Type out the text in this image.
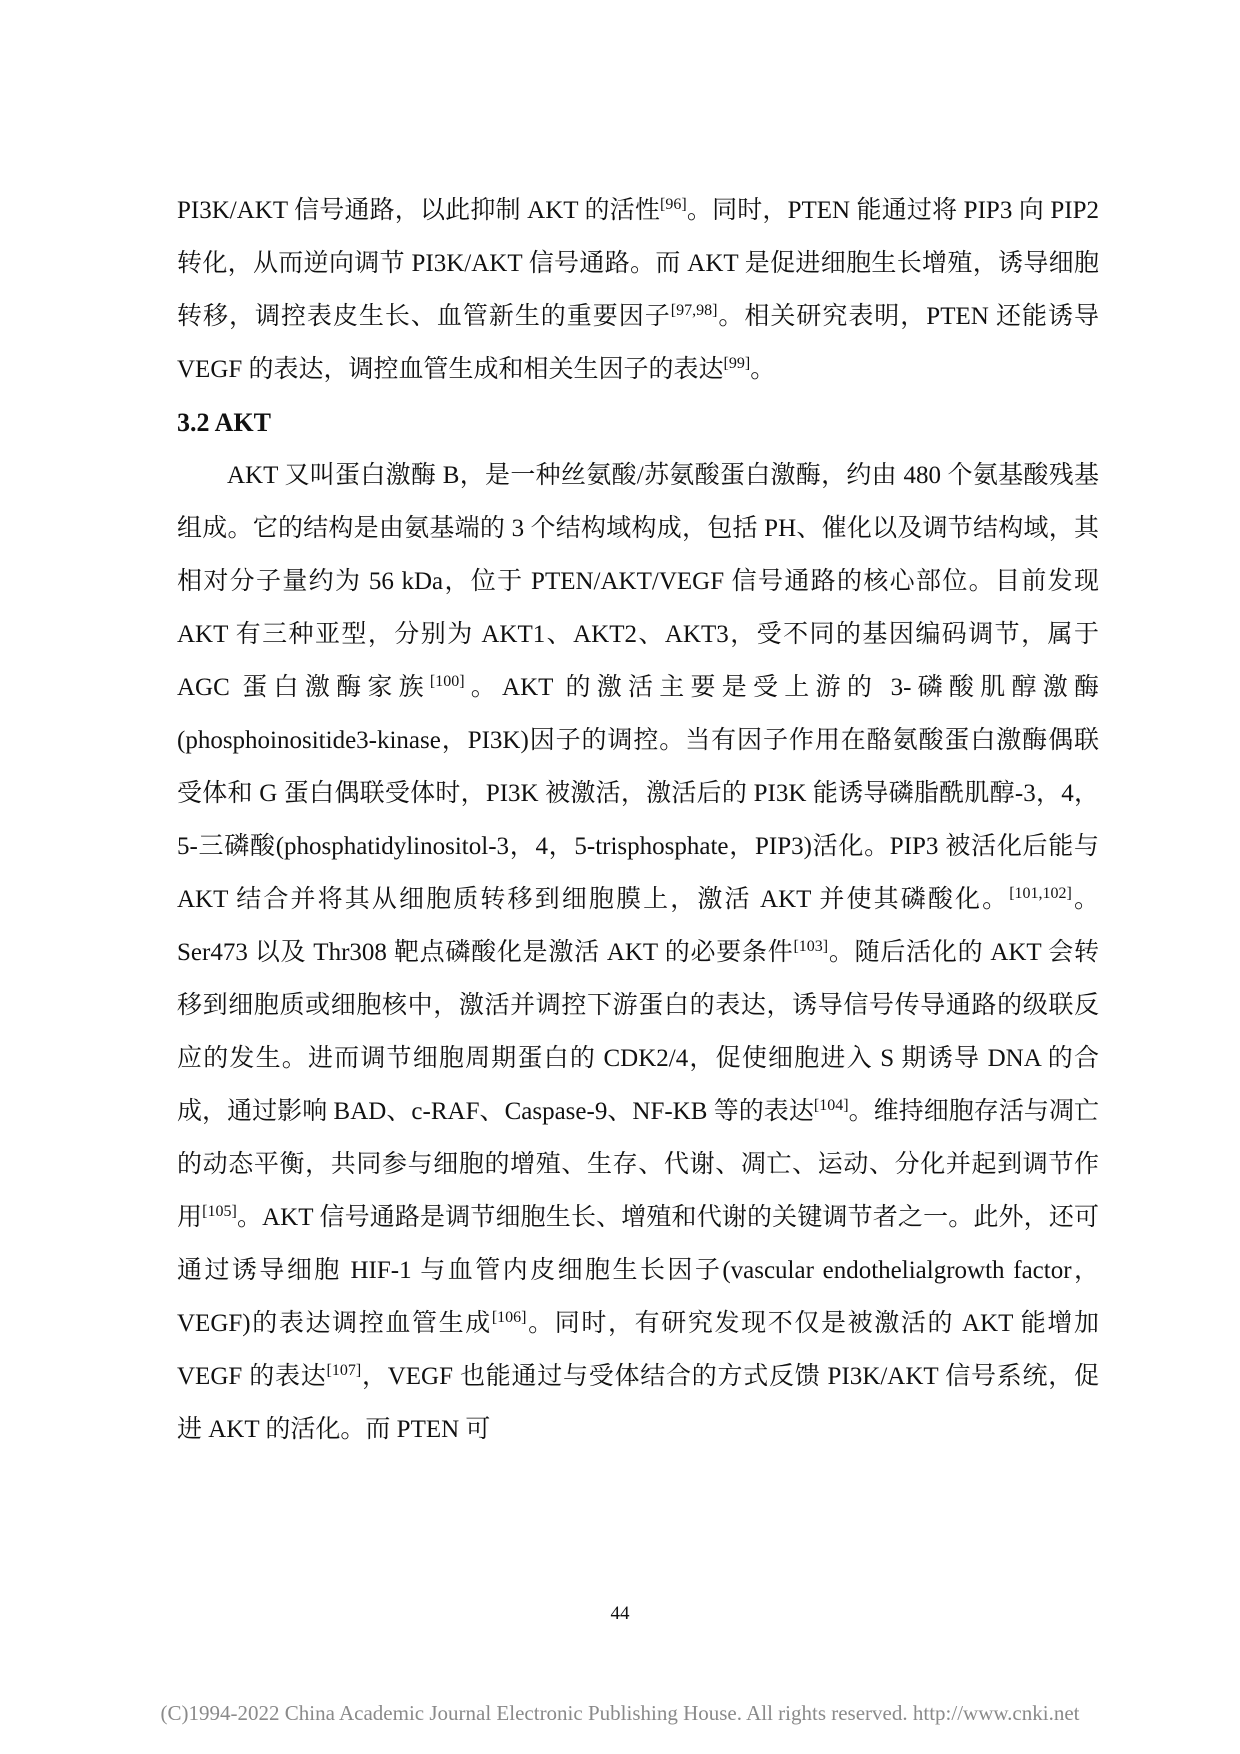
PI3K/AKT 信号通路，以此抑制 AKT 的活性[96]。同时，PTEN 能通过将 PIP3 向 PIP2 转化，从而逆向调节 PI3K/AKT 信号通路。而 AKT 是促进细胞生长增殖，诱导细胞转移，调控表皮生长、血管新生的重要因子[97,98]。相关研究表明，PTEN 还能诱导 VEGF 的表达，调控血管生成和相关生因子的表达[99]。

3.2 AKT

AKT 又叫蛋白激酶 B，是一种丝氨酸/苏氨酸蛋白激酶，约由 480 个氨基酸残基组成。它的结构是由氨基端的 3 个结构域构成，包括 PH、催化以及调节结构域，其相对分子量约为 56 kDa，位于 PTEN/AKT/VEGF 信号通路的核心部位。目前发现 AKT 有三种亚型，分别为 AKT1、AKT2、AKT3，受不同的基因编码调节，属于 AGC 蛋白激酶家族[100]。AKT 的激活主要是受上游的 3-磷酸肌醇激酶(phosphoinositide3-kinase，PI3K)因子的调控。当有因子作用在酪氨酸蛋白激酶偶联受体和 G 蛋白偶联受体时，PI3K 被激活，激活后的 PI3K 能诱导磷脂酰肌醇-3，4，5-三磷酸(phosphatidylinositol-3，4，5-trisphosphate，PIP3)活化。PIP3 被活化后能与 AKT 结合并将其从细胞质转移到细胞膜上，激活 AKT 并使其磷酸化。[101,102]。Ser473 以及 Thr308 靶点磷酸化是激活 AKT 的必要条件[103]。随后活化的 AKT 会转移到细胞质或细胞核中，激活并调控下游蛋白的表达，诱导信号传导通路的级联反应的发生。进而调节细胞周期蛋白的 CDK2/4，促使细胞进入 S 期诱导 DNA 的合成，通过影响 BAD、c-RAF、Caspase-9、NF-KB 等的表达[104]。维持细胞存活与凋亡的动态平衡，共同参与细胞的增殖、生存、代谢、凋亡、运动、分化并起到调节作用[105]。AKT 信号通路是调节细胞生长、增殖和代谢的关键调节者之一。此外，还可通过诱导细胞 HIF-1 与血管内皮细胞生长因子(vascular endothelialgrowth factor，VEGF)的表达调控血管生成[106]。同时，有研究发现不仅是被激活的 AKT 能增加 VEGF 的表达[107]，VEGF 也能通过与受体结合的方式反馈 PI3K/AKT 信号系统，促进 AKT 的活化。而 PTEN 可

44
(C)1994-2022 China Academic Journal Electronic Publishing House. All rights reserved. http://www.cnki.net
